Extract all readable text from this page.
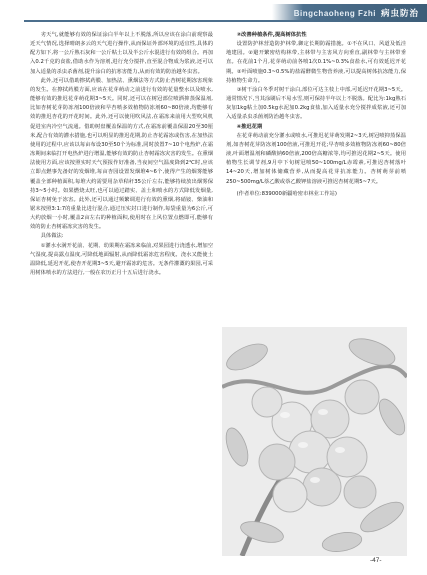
Bingchaoheng Fzhi 病虫防治

劣天气,就能够有效的保证涂白半年以上不脱落,所以应该在涂白前观察最近天气情况,选择晴朗多云的天气进行操作,从而保证外部环境的适宜性,具体的配方如下,将一公斤熟石灰和一公斤粘土以及半公斤水混进行有效的组合。再加入0.2千克的食盐,借助水作为溶剂,进行充分搅拌,直至混合物成为浆液,还可以加入适量的杀虫杀菌剂,提升涂白的抗寒害能力,从而有效的防治越冬虫害。

此外,还可以借助擦拭药膜、加热法、熏烟法等方式防止杏树花期冻害现象的发生。在擦拭药膜方面,应该在花芽萌动之前进行有效的花量整水以及喷水,能够有效的推迟花芽萌花期3~5天。同时,还可以在树冠部位喷洒抑蒸保温剂,比如杏树花芽防冻剂100倍液和早杏喷多效植物防冻剂60~80倍液,均能够有效的推迟杏花的开花时间。此外,还可以使用吹风法,在霜冻来前用大型吹风机促进室内冷空气流通。借助树盘覆盖保温的方式,在霜冻前覆盖保温20至30厘米,配合有效的灌水措施,也可以明显的推迟花期,防止杏花霜冻或伤害,在加热法使用的过程中,应该以每亩布设30至50个为标准,同时放置7~10个电热炉,在霜冻期间来临打开电热炉进行增温,能够有效的防止杏树霜冻灾害的发生。在熏烟法使用方面,应该按照实时天气预报作好准备,当夜间空气温度降到2℃时,应该立即点燃事先备好的发烟堆,每亩杏园设置发烟堆4~6个,使得产生的烟雾能够覆盖全部种植面积,每堆大约需要用杂草秸秆35公斤左右,能够持续放出烟雾保持3~5小时。如果燃烧太旺,也可以通过踏实、盖土和喷水的方式降低发烟量,保证杏树免于冻害。此外,还可以通过频繁调进行有效的熏烟,将硝铵、柴油和锯末按照3:1:7的重量比进行混合,通过压实封口进行制作,每袋重量为6公斤,可大约放烟一小时,覆盖2亩左右的种植面积,使用时在上风位置点燃即可,能够有效的防止杏树霜冻灾害的发生。

具体做法:

①灌水水满开花前、花期、幼果期在霜冻来临前,对果园进行浇透水,增加空气湿度,提高露点温度,可降低地面辐射,从而降低霜冻危害程度。浇水又能使土温降低,延迟开花,使杏开花期3~5天,避开霜冻的危害。无条件灌溉的果园,可采用树体喷水的方法进行,一般在农历正月十五后进行浇水。

②改善种植条件,提高树体抗性

设置防护林营造防护林带,御定长期防霜措施。①不在风口、风道及低洼地建园。②避开繁密结构林带,主林带与主害风方向垂直,副林带与主林带垂直。在花前1个月,花芽萌动前各喷1次0.1%~0.3%食盐水,可有效延迟开花期。②叶面喷施0.3~0.5%的盐霜酵微生物营养液,可以提高树体抗冻能力,保持植物生命力。

③树干涂白冬季对树干涂白,部位可达主枝上中部,可延迟开花期3~5天。通常情况下,当其涂刷后不易水雪,则可保持半年以上不脱落。配比为:1kg熟石灰加1kg粘土加0.5kg水泥加0.2kg食盐,加入适量水充分搅拌成浆液,还可加入适量杀虫杀菌剂防治越冬虫害。

④推迟花期

在花芽萌动前充分灌水或喷水,可推迟花芽萌发期2~3天,树冠喷抑蒸保温剂,如杏树花芽防冻剂100倍液,可推迟开花;早杏喷多效植物防冻剂60~80倍液,叶面增温剂和磷酸钠60倍液,200倍高糖浓等,均可推迟花期2~5天。使用植物生长调节剂,9月中下旬树冠喷50~100mg/L赤霉素,可推迟杏树落叶14~20天,增加树体储藏营养,从而提高花芽抗冻能力。杏树萌芽前喷250~500mg/L萘乙酸或萘乙酸钾盐溶液可推迟杏树花期5~7天。

(作者单位:839000新疆哈密市林业工作站)

-47-
